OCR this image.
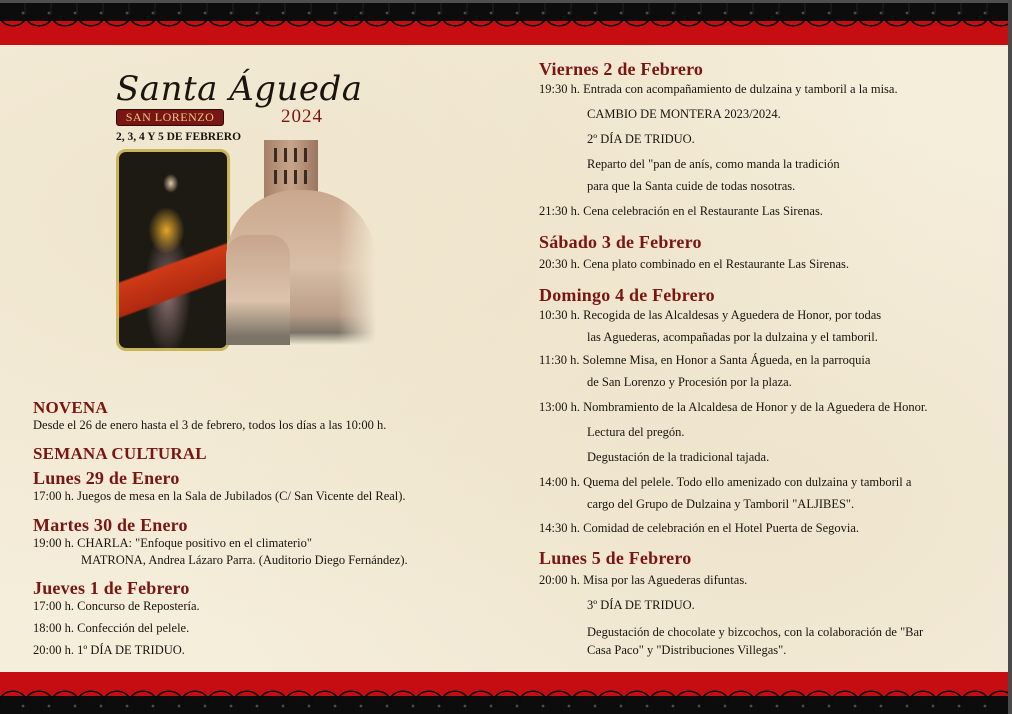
Santa Águeda
SAN LORENZO	2024
2, 3, 4 Y 5 DE FEBRERO
NOVENA
Desde el 26 de enero hasta el 3 de febrero, todos los días a las 10:00 h.
SEMANA CULTURAL
Lunes 29 de Enero
17:00 h. Juegos de mesa en la Sala de Jubilados (C/ San Vicente del Real).
Martes 30 de Enero
19:00 h. CHARLA: "Enfoque positivo en el climaterio"
MATRONA, Andrea Lázaro Parra. (Auditorio Diego Fernández).
Jueves 1 de Febrero
17:00 h. Concurso de Repostería.
18:00 h. Confección del pelele.
20:00 h. 1º DÍA DE TRIDUO.
Viernes 2 de Febrero
19:30 h. Entrada con acompañamiento de dulzaina y tamboril a la misa.
CAMBIO DE MONTERA 2023/2024.
2º DÍA DE TRIDUO.
Reparto del "pan de anís, como manda la tradición
para que la Santa cuide de todas nosotras.
21:30 h. Cena celebración en el Restaurante Las Sirenas.
Sábado 3 de Febrero
20:30 h. Cena plato combinado en el Restaurante Las Sirenas.
Domingo 4 de Febrero
10:30 h. Recogida de las Alcaldesas y Aguedera de Honor, por todas
las Aguederas, acompañadas por la dulzaina y el tamboril.
11:30 h. Solemne Misa, en Honor a Santa Águeda, en la parroquia
de San Lorenzo y Procesión por la plaza.
13:00 h. Nombramiento de la Alcaldesa de Honor y de la Aguedera de Honor.
Lectura del pregón.
Degustación de la tradicional tajada.
14:00 h. Quema del pelele. Todo ello amenizado con dulzaina y tamboril a
cargo del Grupo de Dulzaina y Tamboril "ALJIBES".
14:30 h. Comidad de celebración en el Hotel Puerta de Segovia.
Lunes 5 de Febrero
20:00 h. Misa por las Aguederas difuntas.
3º DÍA DE TRIDUO.
Degustación de chocolate y bizcochos, con la colaboración de "Bar
Casa Paco" y "Distribuciones Villegas".
